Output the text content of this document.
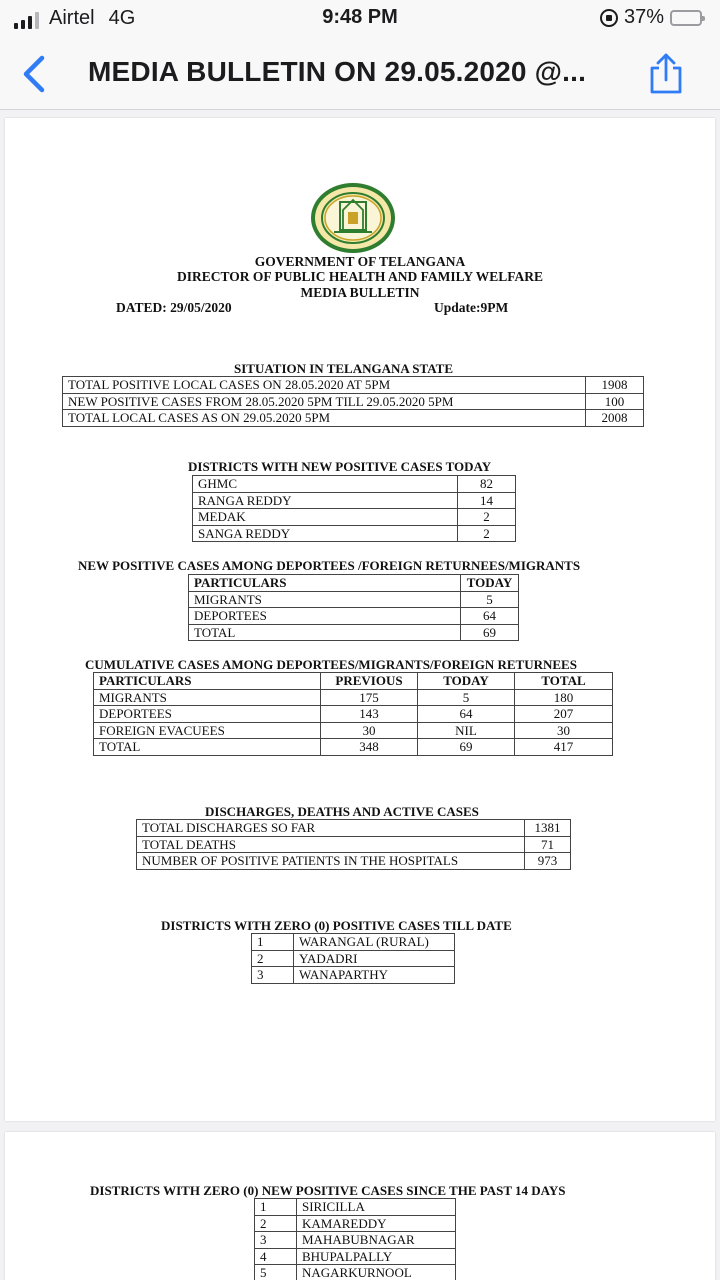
Airtel 4G	9:48 PM	37%
MEDIA BULLETIN ON 29.05.2020 @...
GOVERNMENT OF TELANGANA
DIRECTOR OF PUBLIC HEALTH AND FAMILY WELFARE
MEDIA BULLETIN
DATED: 29/05/2020	Update:9PM
SITUATION IN TELANGANA STATE
TOTAL POSITIVE LOCAL CASES ON 28.05.2020 AT 5PM	1908
NEW POSITIVE CASES FROM 28.05.2020 5PM TILL 29.05.2020 5PM	100
TOTAL LOCAL CASES AS ON 29.05.2020 5PM	2008
DISTRICTS WITH NEW POSITIVE CASES TODAY
GHMC	82
RANGA REDDY	14
MEDAK	2
SANGA REDDY	2
NEW POSITIVE CASES AMONG DEPORTEES /FOREIGN RETURNEES/MIGRANTS
PARTICULARS	TODAY
MIGRANTS	5
DEPORTEES	64
TOTAL	69
CUMULATIVE CASES AMONG DEPORTEES/MIGRANTS/FOREIGN RETURNEES
PARTICULARS	PREVIOUS	TODAY	TOTAL
MIGRANTS	175	5	180
DEPORTEES	143	64	207
FOREIGN EVACUEES	30	NIL	30
TOTAL	348	69	417
DISCHARGES, DEATHS AND ACTIVE CASES
TOTAL DISCHARGES SO FAR	1381
TOTAL DEATHS	71
NUMBER OF POSITIVE PATIENTS IN THE HOSPITALS	973
DISTRICTS WITH ZERO (0) POSITIVE CASES TILL DATE
1	WARANGAL (RURAL)
2	YADADRI
3	WANAPARTHY
DISTRICTS WITH ZERO (0) NEW POSITIVE CASES SINCE THE PAST 14 DAYS
1	SIRICILLA
2	KAMAREDDY
3	MAHABUBNAGAR
4	BHUPALPALLY
5	NAGARKURNOOL
